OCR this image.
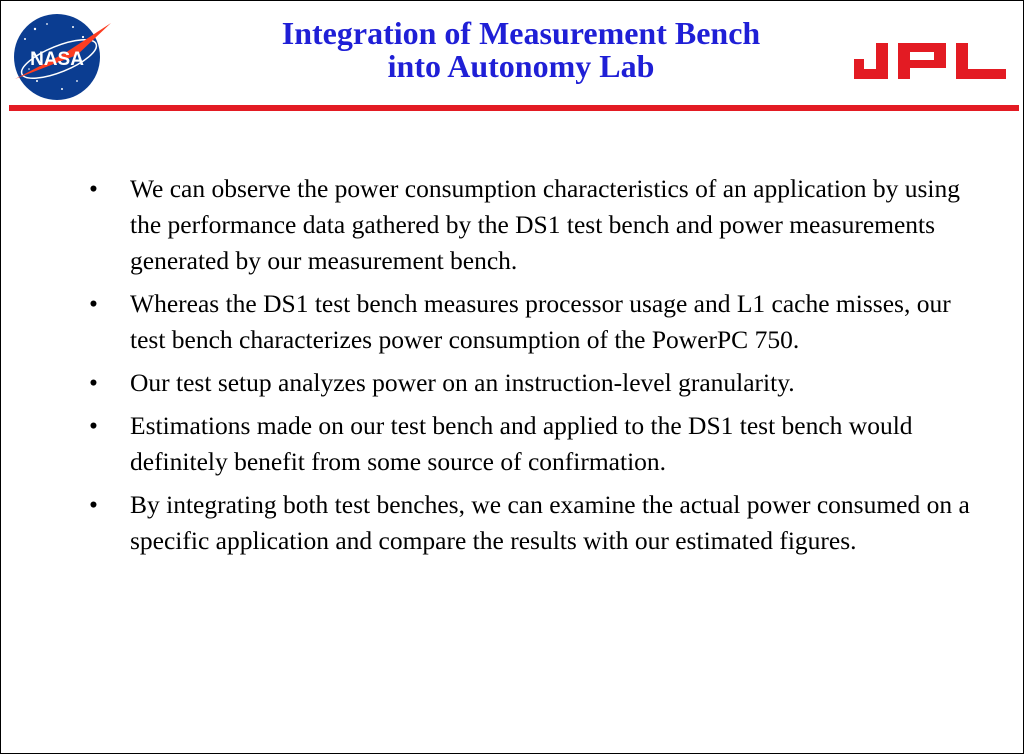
NASA
Integration of Measurement Bench
into Autonomy Lab	JPL
• We can observe the power consumption characteristics of an application by using the performance data gathered by the DS1 test bench and power measurements generated by our measurement bench.
• Whereas the DS1 test bench measures processor usage and L1 cache misses, our test bench characterizes power consumption of the PowerPC 750.
• Our test setup analyzes power on an instruction-level granularity.
• Estimations made on our test bench and applied to the DS1 test bench would definitely benefit from some source of confirmation.
• By integrating both test benches, we can examine the actual power consumed on a specific application and compare the results with our estimated figures.
